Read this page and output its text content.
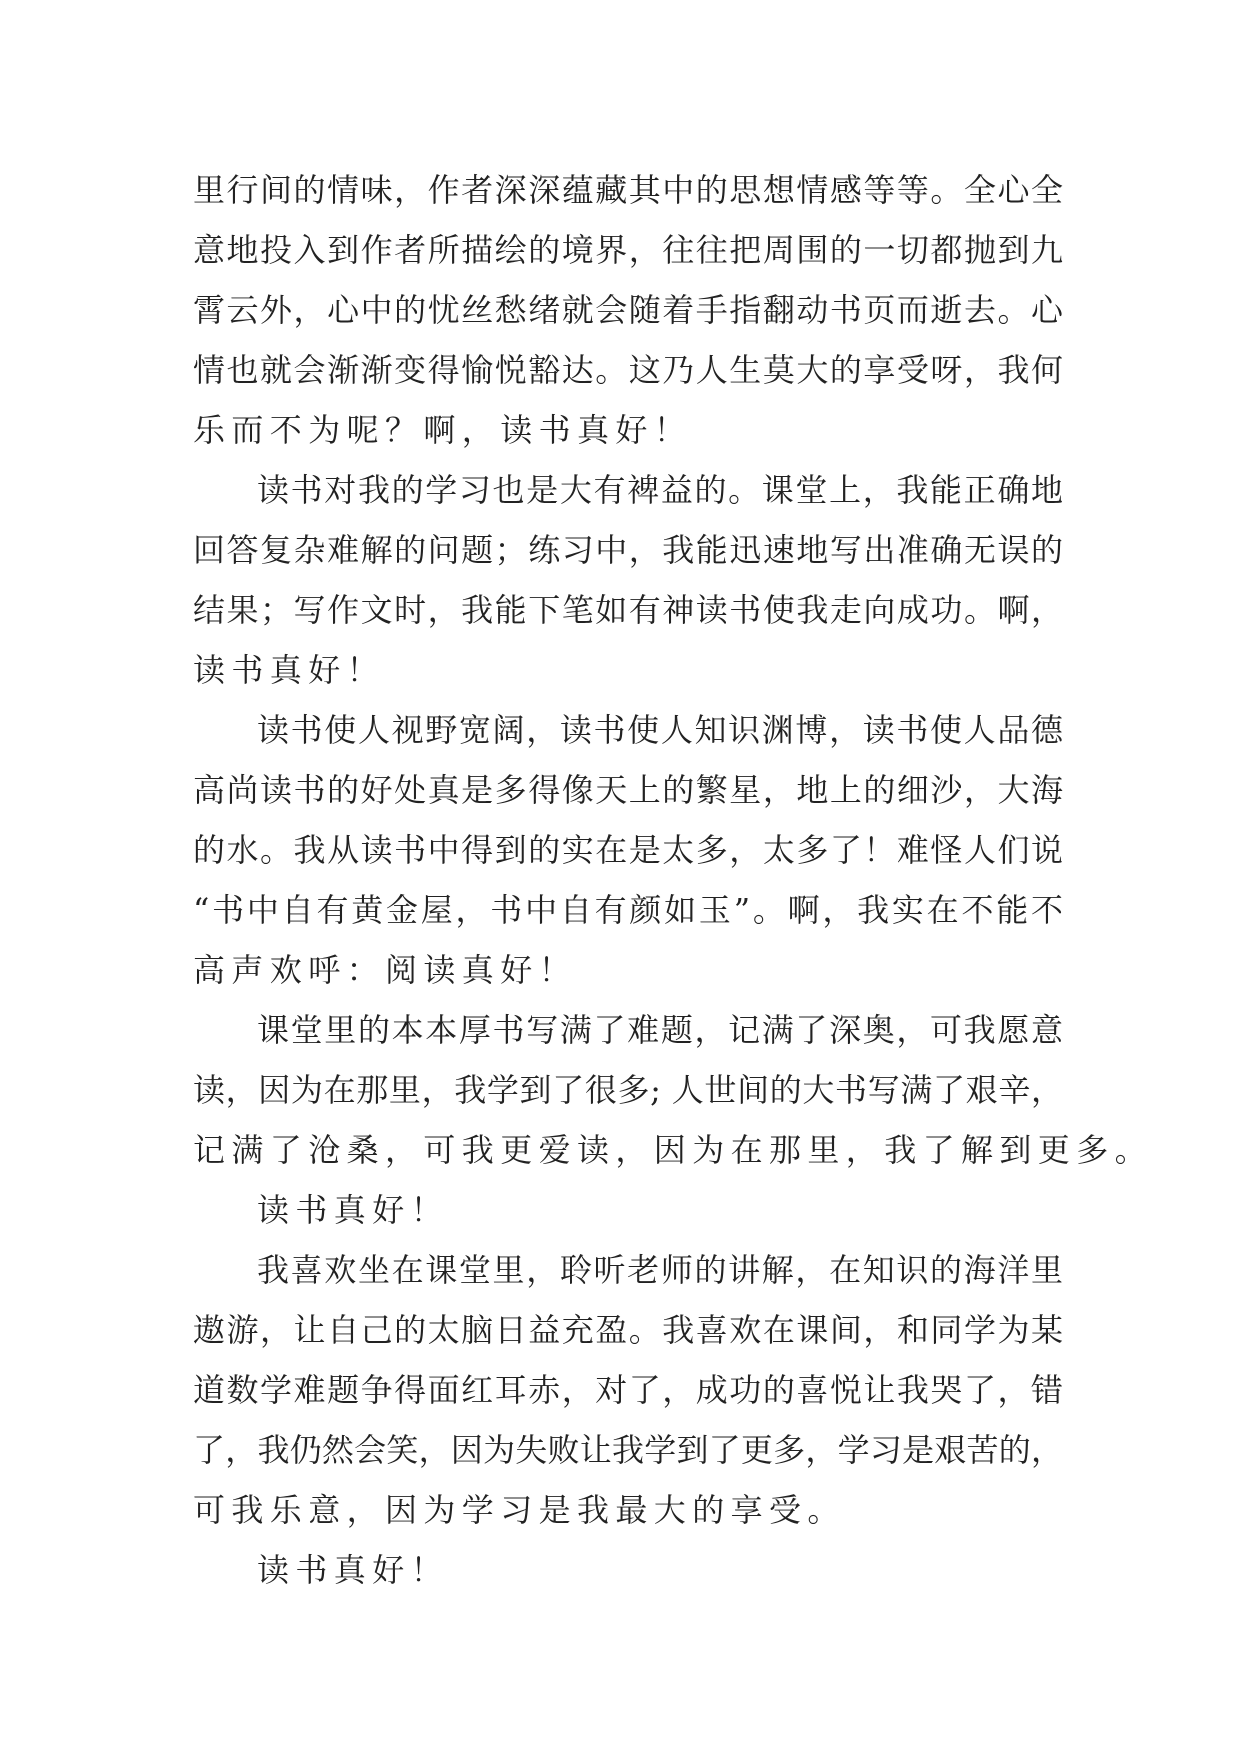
里行间的情味，作者深深蕴藏其中的思想情感等等。全心全
意地投入到作者所描绘的境界，往往把周围的一切都抛到九
霄云外，心中的忧丝愁绪就会随着手指翻动书页而逝去。心
情也就会渐渐变得愉悦豁达。这乃人生莫大的享受呀，我何
乐而不为呢？啊，读书真好！
读书对我的学习也是大有裨益的。课堂上，我能正确地
回答复杂难解的问题；练习中，我能迅速地写出准确无误的
结果；写作文时，我能下笔如有神读书使我走向成功。啊，
读书真好！
读书使人视野宽阔，读书使人知识渊博，读书使人品德
高尚读书的好处真是多得像天上的繁星，地上的细沙，大海
的水。我从读书中得到的实在是太多，太多了！难怪人们说
“书中自有黄金屋，书中自有颜如玉”。啊，我实在不能不
高声欢呼：阅读真好！
课堂里的本本厚书写满了难题，记满了深奥，可我愿意
读，因为在那里，我学到了很多; 人世间的大书写满了艰辛，
记满了沧桑，可我更爱读，因为在那里，我了解到更多。
读书真好！
我喜欢坐在课堂里，聆听老师的讲解，在知识的海洋里
遨游，让自己的太脑日益充盈。我喜欢在课间，和同学为某
道数学难题争得面红耳赤，对了，成功的喜悦让我哭了，错
了，我仍然会笑，因为失败让我学到了更多，学习是艰苦的，
可我乐意，因为学习是我最大的享受。
读书真好！
